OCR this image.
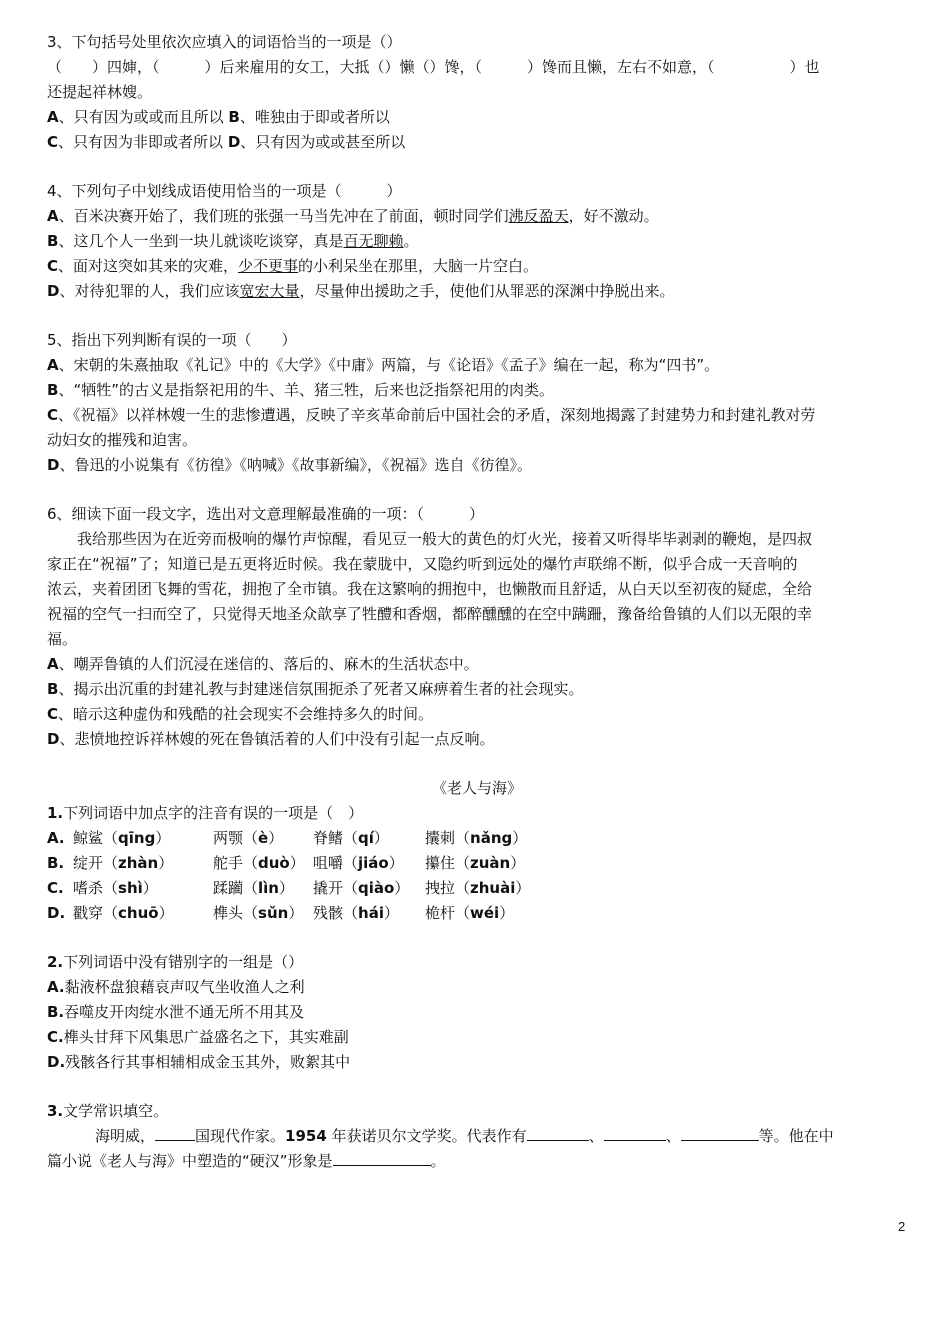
3、下句括号处里依次应填入的词语恰当的一项是（）
（　　）四婶，（　　　）后来雇用的女工，大抵（）懒（）馋，（　　　）馋而且懒，左右不如意，（　　　　　）也
还提起祥林嫂。
A、只有因为或或而且所以 B、唯独由于即或者所以
C、只有因为非即或者所以 D、只有因为或或甚至所以
4、下列句子中划线成语使用恰当的一项是（　　　）
A、百米决赛开始了，我们班的张强一马当先冲在了前面，顿时同学们沸反盈天，好不激动。
B、这几个人一坐到一块儿就谈吃谈穿，真是百无聊赖。
C、面对这突如其来的灾难，少不更事的小利呆坐在那里，大脑一片空白。
D、对待犯罪的人，我们应该宽宏大量，尽量伸出援助之手，使他们从罪恶的深渊中挣脱出来。
5、指出下列判断有误的一项（　　）
A、宋朝的朱熹抽取《礼记》中的《大学》《中庸》两篇，与《论语》《孟子》编在一起，称为“四书”。
B、“牺牲”的古义是指祭祀用的牛、羊、猪三牲，后来也泛指祭祀用的肉类。
C、《祝福》以祥林嫂一生的悲惨遭遇，反映了辛亥革命前后中国社会的矛盾，深刻地揭露了封建势力和封建礼教对劳
动妇女的摧残和迫害。
D、鲁迅的小说集有《彷徨》《呐喊》《故事新编》，《祝福》选自《彷徨》。
6、细读下面一段文字，选出对文意理解最准确的一项：（　　　）
我给那些因为在近旁而极响的爆竹声惊醒，看见豆一般大的黄色的灯火光，接着又听得毕毕剥剥的鞭炮，是四叔
家正在“祝福”了；知道已是五更将近时候。我在蒙胧中，又隐约听到远处的爆竹声联绵不断，似乎合成一天音响的
浓云，夹着团团飞舞的雪花，拥抱了全市镇。我在这繁响的拥抱中，也懒散而且舒适，从白天以至初夜的疑虑，全给
祝福的空气一扫而空了，只觉得天地圣众歆享了牲醴和香烟，都醉醺醺的在空中蹒跚，豫备给鲁镇的人们以无限的幸
福。
A、嘲弄鲁镇的人们沉浸在迷信的、落后的、麻木的生活状态中。
B、揭示出沉重的封建礼教与封建迷信氛围扼杀了死者又麻痹着生者的社会现实。
C、暗示这种虚伪和残酷的社会现实不会维持多久的时间。
D、悲愤地控诉祥林嫂的死在鲁镇活着的人们中没有引起一点反响。
《老人与海》
1.下列词语中加点字的注音有误的一项是（　）
A. 鲸鲨（qīng）	两颚（è） 脊鳍（qí） 攮刺（nǎng）
B. 绽开（zhàn）	舵手（duò） 咀嚼（jiáo） 攥住（zuàn）
C. 嗜杀（shì）	蹂躏（lìn） 撬开（qiào） 拽拉（zhuài）
D. 戳穿（chuō）	榫头（sǔn） 残骸（hái） 桅杆（wéi）
2.下列词语中没有错别字的一组是（）
A.黏液杯盘狼藉哀声叹气坐收渔人之利
B.吞噬皮开肉绽水泄不通无所不用其及
C.榫头甘拜下风集思广益盛名之下，其实难副
D.残骸各行其事相辅相成金玉其外，败絮其中
3.文学常识填空。
海明威，	国现代作家。1954 年获诺贝尔文学奖。代表作有	、	、	等。他在中
篇小说《老人与海》中塑造的“硬汉”形象是	。
2
